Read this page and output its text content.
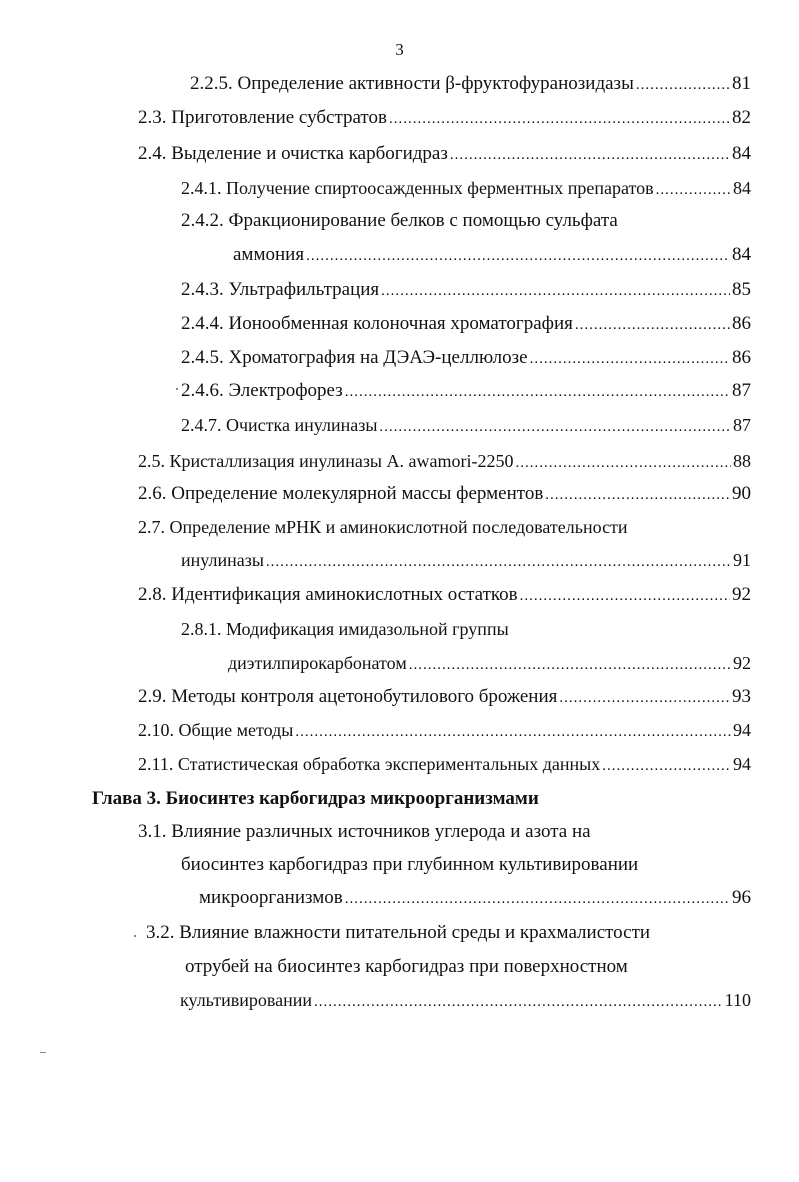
3
2.2.5. Определение активности β-фруктофуранозидазы .....	81
2.3. Приготовление субстратов .....	82
2.4. Выделение и очистка карбогидраз .....	84
2.4.1. Получение спиртоосажденных ферментных препаратов .....	84
2.4.2. Фракционирование белков с помощью сульфата
аммония .....	84
2.4.3. Ультрафильтрация .....	85
2.4.4. Ионообменная колоночная хроматография .....	86
2.4.5. Хроматография на ДЭАЭ-целлюлозе .....	86
2.4.6. Электрофорез .....	87
2.4.7. Очистка инулиназы .....	87
2.5. Кристаллизация инулиназы A. awamori-2250 .....	88
2.6. Определение молекулярной массы ферментов .....	90
2.7. Определение мРНК и аминокислотной последовательности
инулиназы .....	91
2.8. Идентификация аминокислотных остатков .....	92
2.8.1. Модификация имидазольной группы
диэтилпирокарбонатом .....	92
2.9. Методы контроля ацетонобутилового брожения .....	93
2.10. Общие методы .....	94
2.11. Статистическая обработка экспериментальных данных .....	94
Глава 3. Биосинтез карбогидраз микроорганизмами
3.1. Влияние различных источников углерода и азота на
биосинтез карбогидраз при глубинном культивировании
микроорганизмов .....	96
3.2. Влияние влажности питательной среды и крахмалистости
отрубей на биосинтез карбогидраз при поверхностном
культивировании .....	110
